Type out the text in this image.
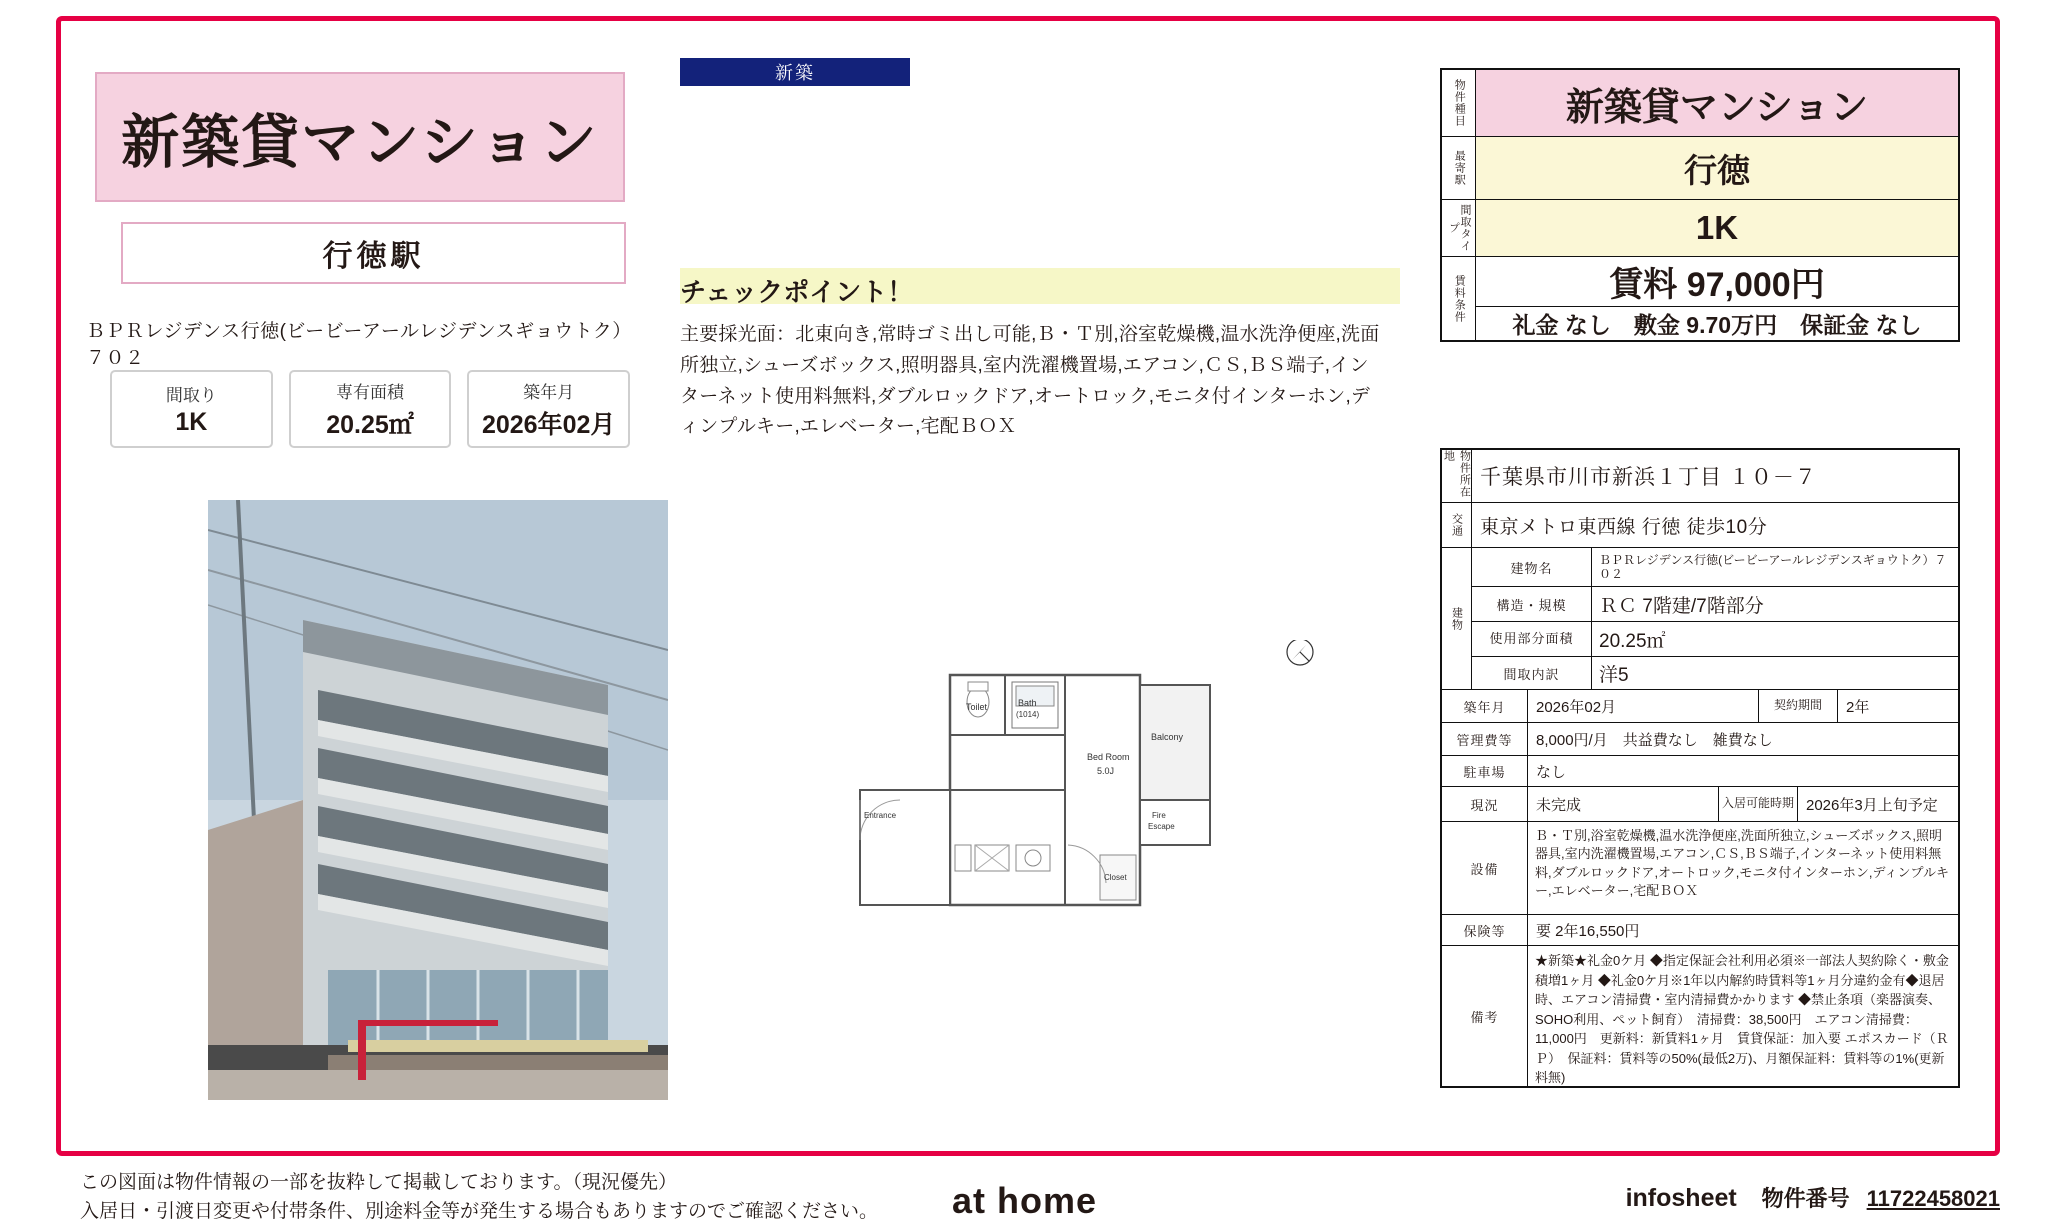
新築貸マンション
行徳駅
ＢＰＲレジデンス行徳(ビービーアールレジデンスギョウトク）７０２
間取り
1K
専有面積
20.25㎡
築年月
2026年02月
新築
チェックポイント！
主要採光面：北東向き,常時ゴミ出し可能,Ｂ・Ｔ別,浴室乾燥機,温水洗浄便座,洗面所独立,シューズボックス,照明器具,室内洗濯機置場,エアコン,ＣＳ,ＢＳ端子,インターネット使用料無料,ダブルロックドア,オートロック,モニタ付インターホン,ディンプルキー,エレベーター,宅配ＢＯＸ
Toilet	Bath
(1014)
Bed Room
5.0J
Balcony
Fire
Escape
Closet
Entrance
物件種目	新築貸マンション
最寄駅	行徳
間取タイプ	1K
賃料条件	賃料 97,000円
礼金 なし　敷金 9.70万円　保証金 なし
物件所在地
千葉県市川市新浜１丁目 １０－７
交通 東京メトロ東西線 行徳 徒歩10分
建物
建物名
ＢＰＲレジデンス行徳(ビービーアールレジデンスギョウトク）７０２
構造・規模	ＲＣ 7階建/7階部分
使用部分面積	20.25㎡
間取内訳	洋5
築年月	2026年02月	契約期間	2年
管理費等	8,000円/月　共益費なし　雑費なし
駐車場	なし
現況	未完成	入居可能時期 2026年3月上旬予定
設備
Ｂ・Ｔ別,浴室乾燥機,温水洗浄便座,洗面所独立,シューズボックス,照明器具,室内洗濯機置場,エアコン,ＣＳ,ＢＳ端子,インターネット使用料無料,ダブルロックドア,オートロック,モニタ付インターホン,ディンプルキー,エレベーター,宅配ＢＯＸ
保険等	要 2年16,550円
備考
★新築★礼金0ケ月 ◆指定保証会社利用必須※一部法人契約除く・敷金積増1ヶ月 ◆礼金0ケ月※1年以内解約時賃料等1ヶ月分違約金有◆退居時、エアコン清掃費・室内清掃費かかります ◆禁止条項（楽器演奏、SOHO利用、ペット飼育）　清掃費：38,500円　エアコン清掃費：11,000円　更新料：新賃料1ヶ月　賃貸保証：加入要 エポスカード（ＲＰ）　保証料：賃料等の50%(最低2万)、月額保証料：賃料等の1%(更新料無)
この図面は物件情報の一部を抜粋して掲載しております。（現況優先）
入居日・引渡日変更や付帯条件、別途料金等が発生する場合もありますのでご確認ください。	at home	infosheet 物件番号 11722458021
